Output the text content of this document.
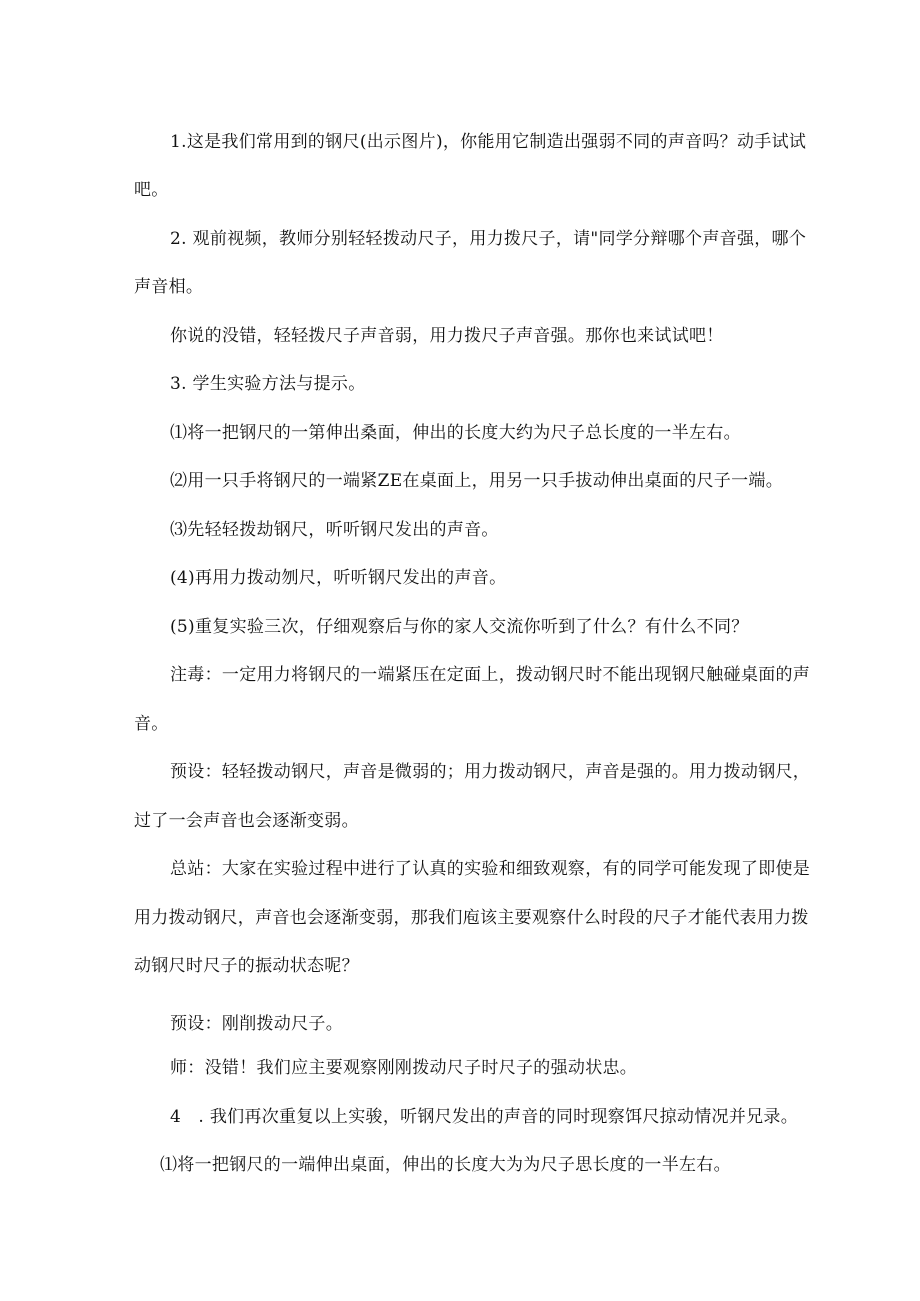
1.这是我们常用到的钢尺(出示图片)，你能用它制造出强弱不同的声音吗？动手试试
吧。
2. 观前视频，教师分别轻轻拨动尺子，用力拨尺子，请"同学分辩哪个声音强，哪个
声音相。
你说的没错，轻轻拨尺子声音弱，用力拨尺子声音强。那你也来试试吧！
3. 学生实验方法与提示。
⑴将一把钢尺的一第伸出桑面，伸出的长度大约为尺子总长度的一半左右。
⑵用一只手将钢尺的一端紧ZE在桌面上，用另一只手拔动伸出桌面的尺子一端。
⑶先轻轻拨劫钢尺，听听钢尺发出的声音。
(4)再用力拨动刎尺，听听钢尺发出的声音。
(5)重复实验三次，仔细观察后与你的家人交流你听到了什么？有什么不同？
注毒：一定用力将钢尺的一端紧压在定面上，拨动钢尺时不能出现钢尺触碰桌面的声
音。
预设：轻轻拨动钢尺，声音是微弱的；用力拨动钢尺，声音是强的。用力拨动钢尺，
过了一会声音也会逐渐变弱。
总站：大家在实验过程中进行了认真的实验和细致观察，有的同学可能发现了即使是
用力拨动钢尺，声音也会逐渐变弱，那我们庖该主要观察什么时段的尺子才能代表用力拨
动钢尺时尺子的振动状态呢？
预设：刚削拨动尺子。
师：没错！我们应主要观察刚刚拨动尺子时尺子的强动状忠。
4　. 我们再次重复以上实骏，听钢尺发出的声音的同时现察饵尺掠动情况并兄录。
⑴将一把钢尺的一端伸出桌面，伸出的长度大为为尺子思长度的一半左右。
